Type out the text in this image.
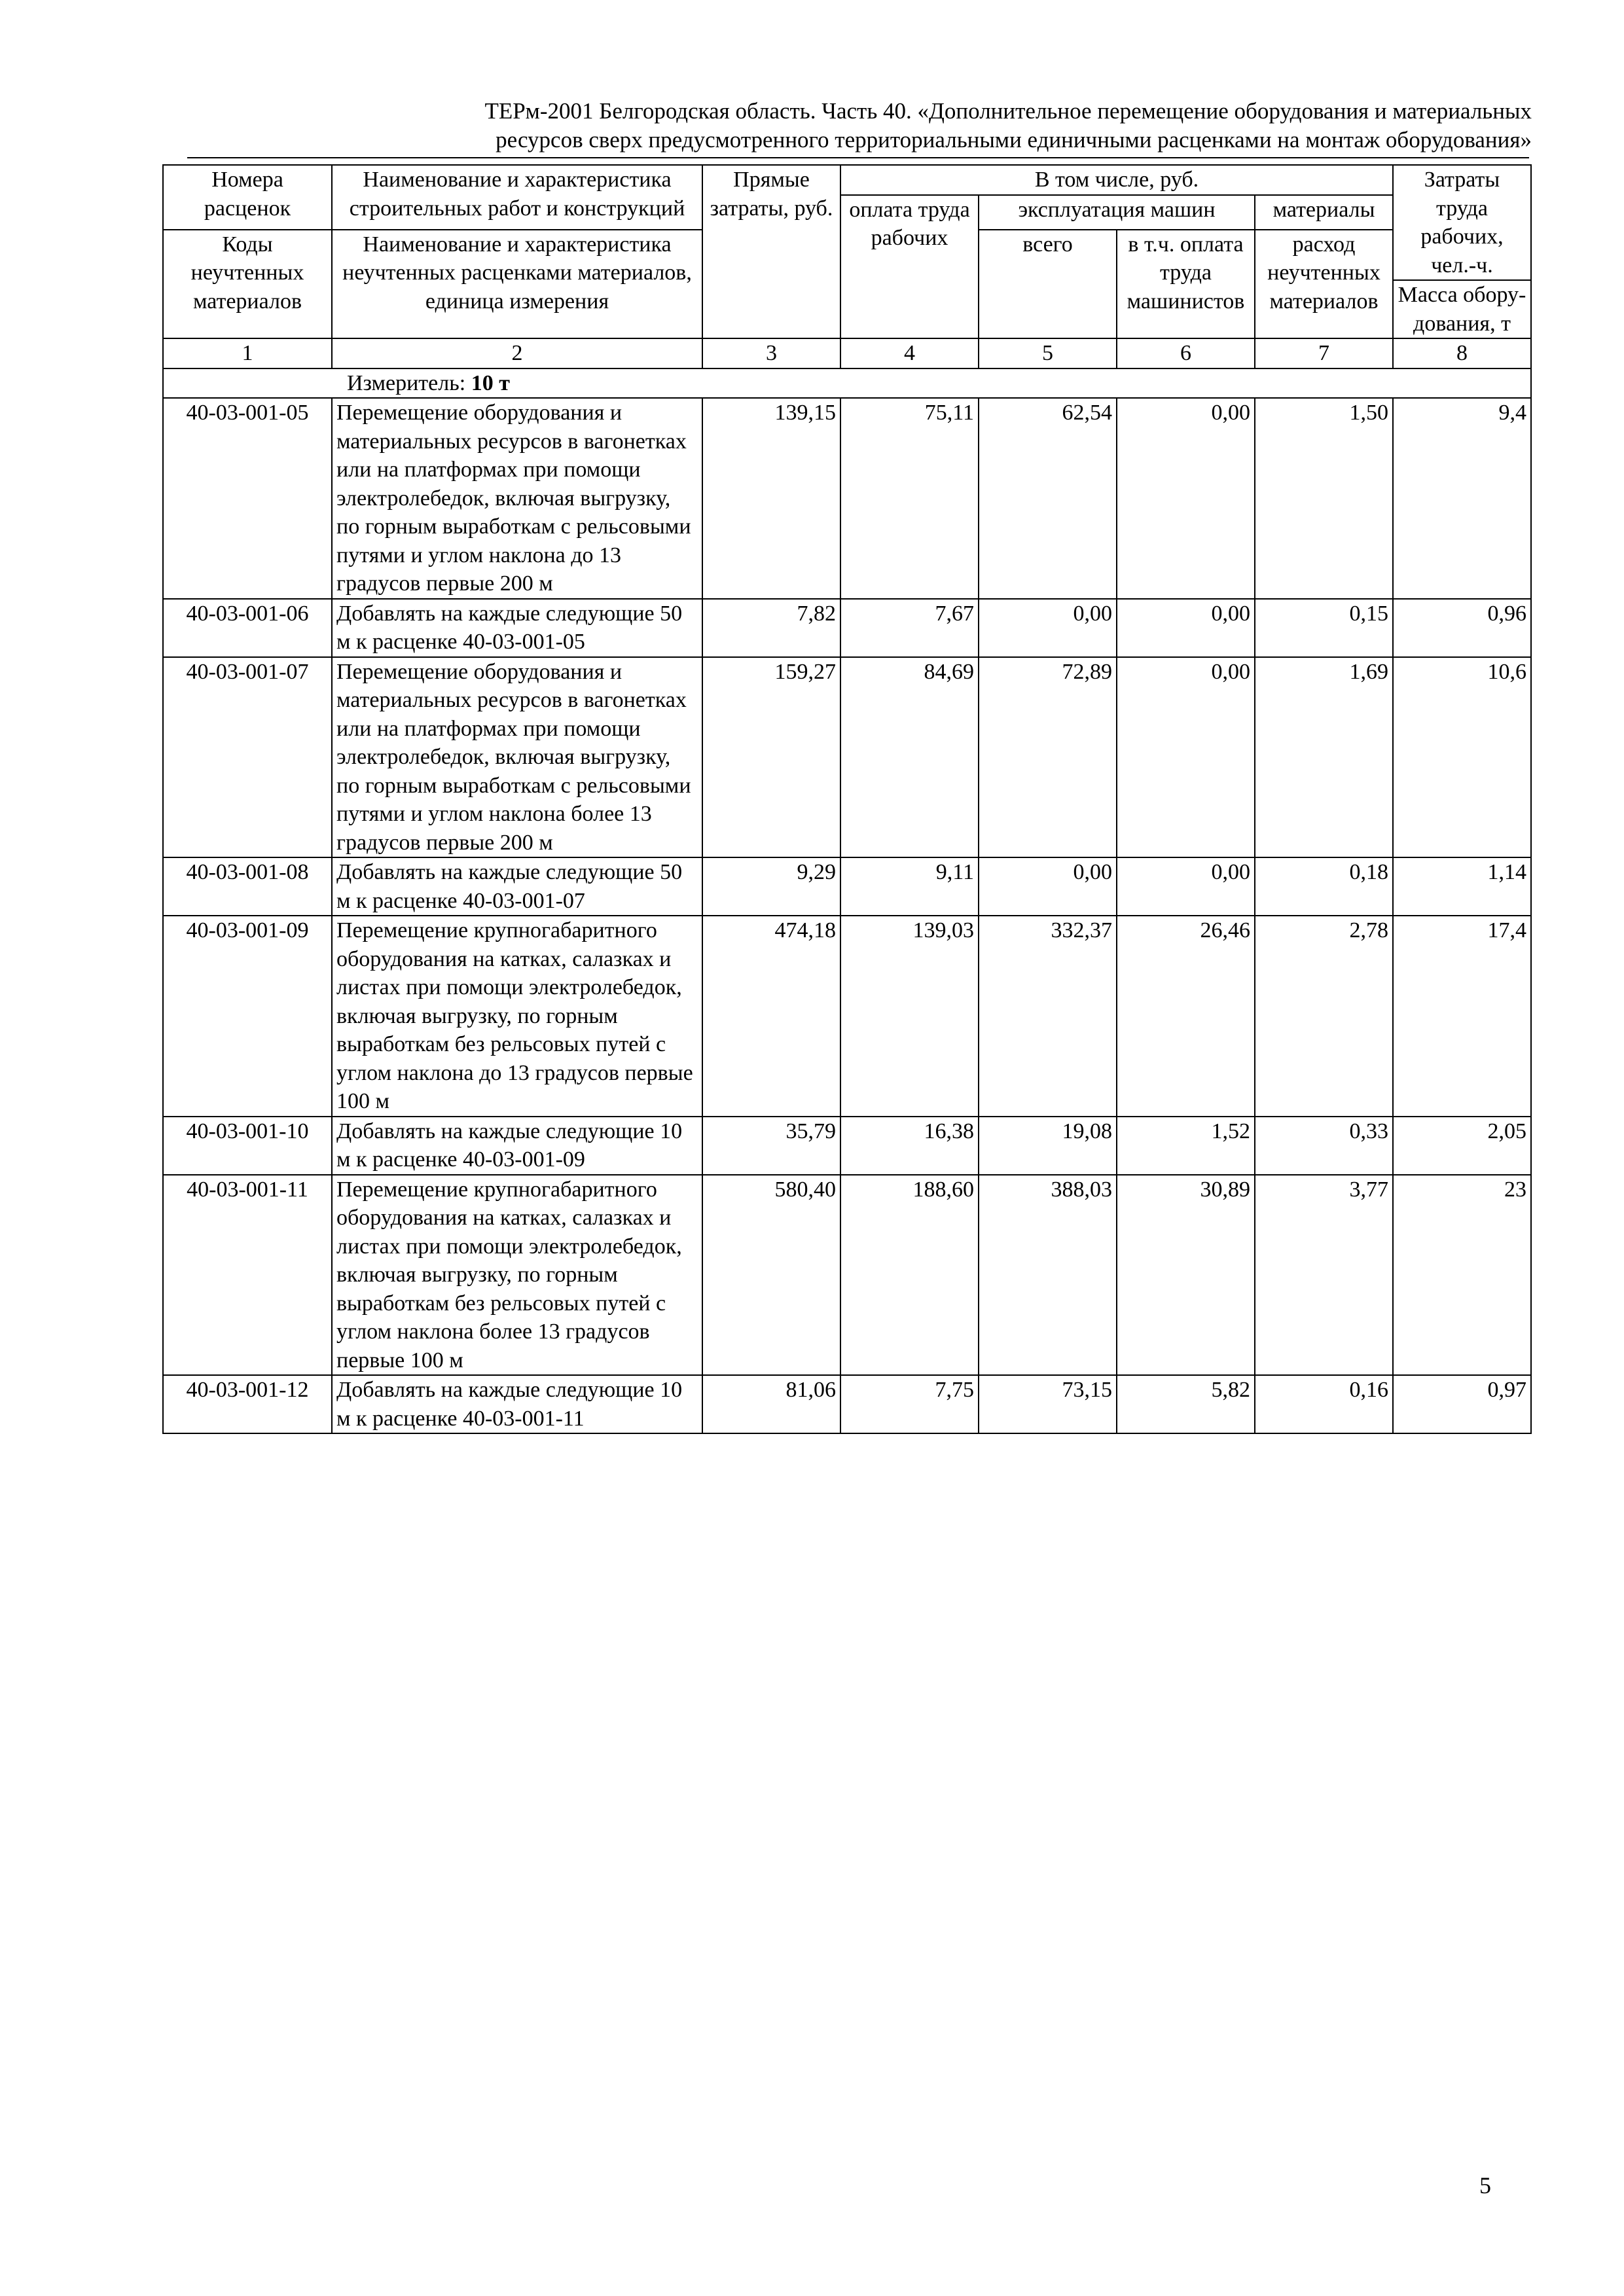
ТЕРм-2001 Белгородская область. Часть 40. «Дополнительное перемещение оборудования и материальных
ресурсов сверх предусмотренного территориальными единичными расценками на монтаж оборудования»
Номера расценок	Наименование и характеристика строительных работ и конструкций	Прямые затраты, руб.	В том числе, руб.				Затраты труда рабочих, чел.-ч.
			оплата труда рабочих	эксплуатация машин		материалы	
Коды неучтенных материалов	Наименование и характеристика неучтенных расценками материалов, единица измерения			всего	в т.ч. оплата труда машинистов	расход неучтенных материалов	
							Масса обору-дования, т
1	2	3	4	5	6	7	8
Измеритель: 10 т							
40-03-001-05	Перемещение оборудования и материальных ресурсов в вагонетках или на платформах при помощи электролебедок, включая выгрузку, по горным выработкам с рельсовыми путями и углом наклона до 13 градусов первые 200 м	139,15	75,11	62,54	0,00	1,50	9,4
40-03-001-06	Добавлять на каждые следующие 50 м к расценке 40-03-001-05	7,82	7,67	0,00	0,00	0,15	0,96
40-03-001-07	Перемещение оборудования и материальных ресурсов в вагонетках или на платформах при помощи электролебедок, включая выгрузку, по горным выработкам с рельсовыми путями и углом наклона более 13 градусов первые 200 м	159,27	84,69	72,89	0,00	1,69	10,6
40-03-001-08	Добавлять на каждые следующие 50 м к расценке 40-03-001-07	9,29	9,11	0,00	0,00	0,18	1,14
40-03-001-09	Перемещение крупногабаритного оборудования на катках, салазках и листах при помощи электролебедок, включая выгрузку, по горным выработкам без рельсовых путей с углом наклона до 13 градусов первые 100 м	474,18	139,03	332,37	26,46	2,78	17,4
40-03-001-10	Добавлять на каждые следующие 10 м к расценке 40-03-001-09	35,79	16,38	19,08	1,52	0,33	2,05
40-03-001-11	Перемещение крупногабаритного оборудования на катках, салазках и листах при помощи электролебедок, включая выгрузку, по горным выработкам без рельсовых путей с углом наклона более 13 градусов первые 100 м	580,40	188,60	388,03	30,89	3,77	23
40-03-001-12	Добавлять на каждые следующие 10 м к расценке 40-03-001-11	81,06	7,75	73,15	5,82	0,16	0,97
5
